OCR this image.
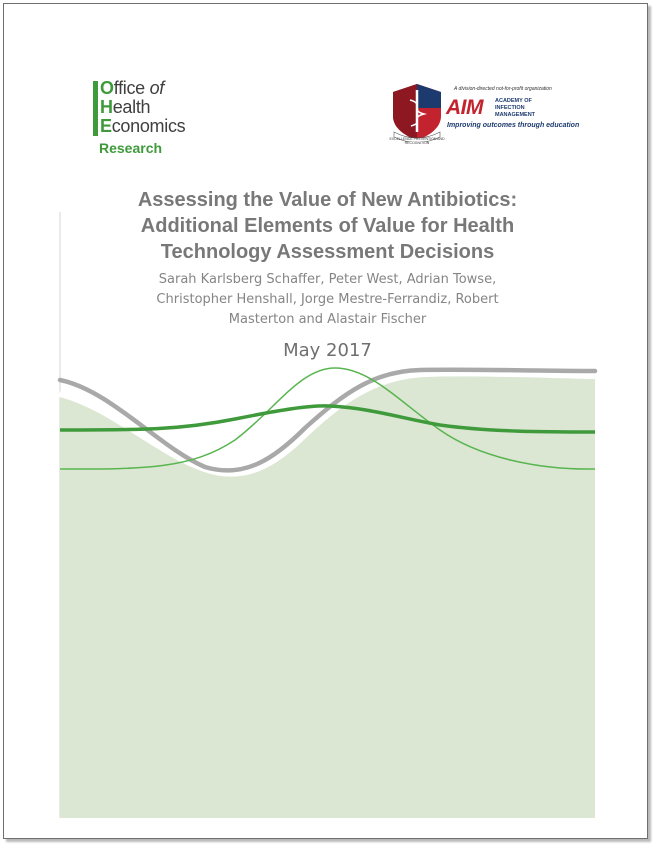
Office of
Health
Economics
Research
EXCELLENCE PREVENTION AND RECOGNITION
A division-directed not-for-profit organization
AIM ACADEMY OF INFECTION MANAGEMENT
Improving outcomes through education
Assessing the Value of New Antibiotics:
Additional Elements of Value for Health
Technology Assessment Decisions
Sarah Karlsberg Schaffer, Peter West, Adrian Towse,
Christopher Henshall, Jorge Mestre-Ferrandiz, Robert
Masterton and Alastair Fischer
May 2017
